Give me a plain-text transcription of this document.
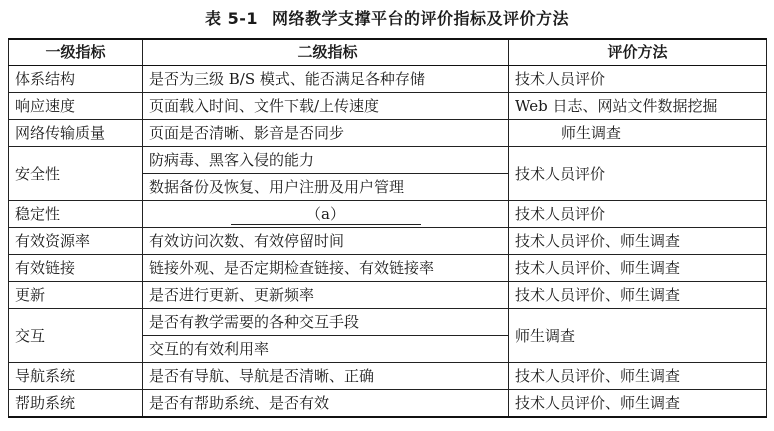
表 5-1 网络教学支撑平台的评价指标及评价方法
一级指标	二级指标	评价方法
体系结构	是否为三级 B/S 模式、能否满足各种存储	技术人员评价
响应速度	页面载入时间、文件下载/上传速度	Web 日志、网站文件数据挖掘
网络传输质量	页面是否清晰、影音是否同步	师生调查
安全性	防病毒、黑客入侵的能力	技术人员评价
	数据备份及恢复、用户注册及用户管理	
稳定性	（a）	技术人员评价
有效资源率	有效访问次数、有效停留时间	技术人员评价、师生调查
有效链接	链接外观、是否定期检查链接、有效链接率	技术人员评价、师生调查
更新	是否进行更新、更新频率	技术人员评价、师生调查
交互	是否有教学需要的各种交互手段	师生调查
	交互的有效利用率	
导航系统	是否有导航、导航是否清晰、正确	技术人员评价、师生调查
帮助系统	是否有帮助系统、是否有效	技术人员评价、师生调查
